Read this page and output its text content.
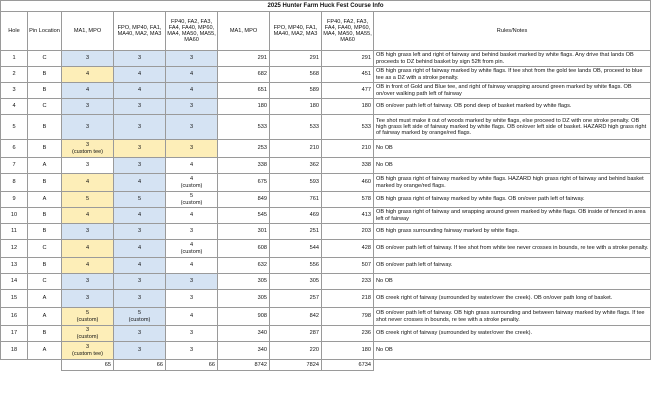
2025 Hunter Farm Huck Fest Course Info								
Hole	Pin Location	MA1, MPO	FPO, MP40, FA1, MA40, MA2, MA3	FP40, FA2, FA3, FA4, FA40, MP60, MA4, MA50, MA55, MA60	MA1, MPO	FPO, MP40, FA1, MA40, MA2, MA3	FP40, FA2, FA3, FA4, FA40, MP60, MA4, MA50, MA55, MA60	Rules/Notes
1	C	3	3	3	291	291	291	OB high grass left and right of fairway and behind basket marked by white flags. Any drive that lands OB proceeds to DZ behind basket by sign 52ft from pin.
2	B	4	4	4	682	568	451	OB high grass right of fairway marked by white flags. If tee shot from the gold tee lands OB, proceed to blue tee as a DZ with a stroke penalty.
3	B	4	4	4	651	589	477	OB in front of Gold and Blue tee, and right of fairway wrapping around green marked by white flags. OB on/over walking path left of fairway
4	C	3	3	3	180	180	180	OB on/over path left of fairway. OB pond deep of basket marked by white flags.
5	B	3	3	3	533	533	533	Tee shot must make it out of woods marked by white flags, else proceed to DZ with one stroke penalty. OB high grass left side of fairway marked by white flags. OB on/over left side of basket. HAZARD high grass right of fairway marked by orange/red flags.
6	B	3
(custom tee)	3	3	253	210	210	No OB
7	A	3	3	4	338	362	338	No OB
8	B	4	4	4
(custom)	675	593	460	OB high grass right of fairway marked by white flags. HAZARD high grass right of fairway and behind basket marked by orange/red flags.
9	A	5	5	5
(custom)	849	761	578	OB high grass right of fairway marked by white flags. OB on/over path left of fairway.
10	B	4	4	4	545	469	413	OB high grass right of fairway and wrapping around green marked by white flags. OB inside of fenced in area left of fairway
11	B	3	3	3	301	251	203	OB high grass surrounding fairway marked by white flags.
12	C	4	4	4
(custom)	608	544	428	OB on/over path left of fairway. If tee shot from white tee never crosses in bounds, re tee with a stroke penalty.
13	B	4	4	4	632	556	507	OB on/over path left of fairway.
14	C	3	3	3	305	305	233	No OB
15	A	3	3	3	305	257	218	OB creek right of fairway (surrounded by water/over the creek). OB on/over path long of basket.
16	A	5
(custom)	5
(custom)	4	908	842	798	OB on/over path left of fairway. OB high grass surrounding and between fairway marked by white flags. If tee shot never crosses in bounds, re tee with a stroke penalty.
17	B	3
(custom)	3	3	340	287	236	OB creek right of fairway (surrounded by water/over the creek).
18	A	3
(custom tee)	3	3	340	220	180	No OB
		65	66	66	8742	7824	6734	
